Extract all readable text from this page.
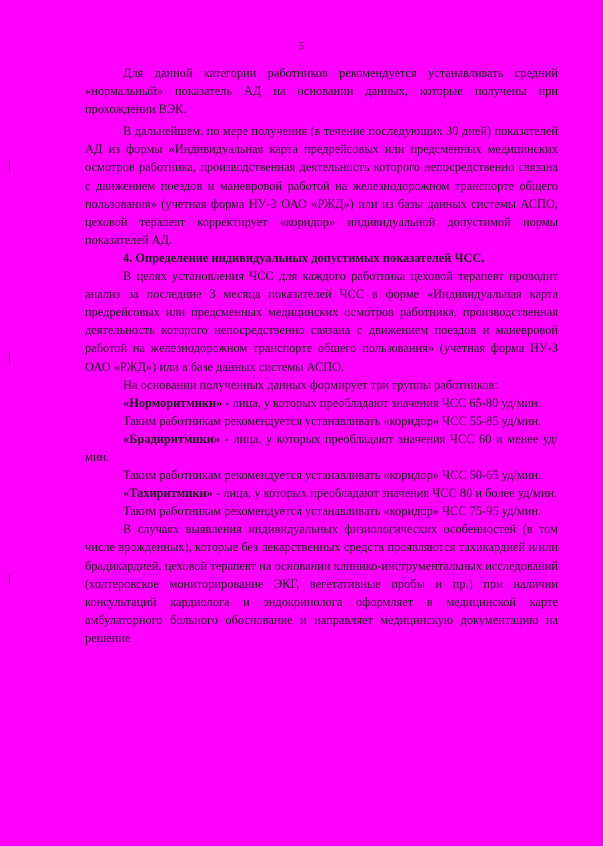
5

Для данной категории работников рекомендуется устанавливать средний «нормальный» показатель АД на основании данных, которые получены при прохождении ВЭК.

В дальнейшем, по мере получения (в течение последующих 30 дней) показателей АД из формы «Индивидуальная карта предрейсовых или предсменных медицинских осмотров работника, производственная деятельность которого непосредственно связана с движением поездов и маневровой работой на железнодорожном транспорте общего пользования» (учетная форма НУ-3 ОАО «РЖД») или из базы данных системы АСПО, цеховой терапевт корректирует «коридор» индивидуальной допустимой нормы показателей АД.

4. Определение индивидуальных допустимых показателей ЧСС.

В целях установления ЧСС для каждого работника цеховой терапевт проводит анализ за последние 3 месяца показателей ЧСС в форме «Индивидуальная карта предрейсовых или предсменных медицинских осмотров работника, производственная деятельность которого непосредственно связана с движением поездов и маневровой работой на железнодорожном транспорте общего пользования» (учетная форма НУ-3 ОАО «РЖД») или в базе данных системы АСПО.

На основании полученных данных формирует три группы работников:

«Норморитмики» - лица, у которых преобладают значения ЧСС 65-80 уд/мин.

Таким работникам рекомендуется устанавливать «коридор» ЧСС 55-85 уд/мин.

«Брадиритмики» - лица, у которых преобладают значения ЧСС 60 и менее уд/мин.

Таким работникам рекомендуется устанавливать «коридор» ЧСС 50-65 уд/мин.

«Тахиритмики» - лица, у которых преобладают значения ЧСС 80 и более уд/мин.

Таким работникам рекомендуется устанавливать «коридор» ЧСС 75-95 уд/мин.

В случаях выявления индивидуальных физиологических особенностей (в том числе врожденных), которые без лекарственных средств проявляются тахикардией и/или брадикардией, цеховой терапевт на основании клинико-инструментальных исследований (холтеровское мониторирование ЭКГ, вегетативные пробы и пр.) при наличии консультаций кардиолога и эндокринолога оформляет в медицинской карте амбулаторного больного обоснование и направляет медицинскую документацию на решение
